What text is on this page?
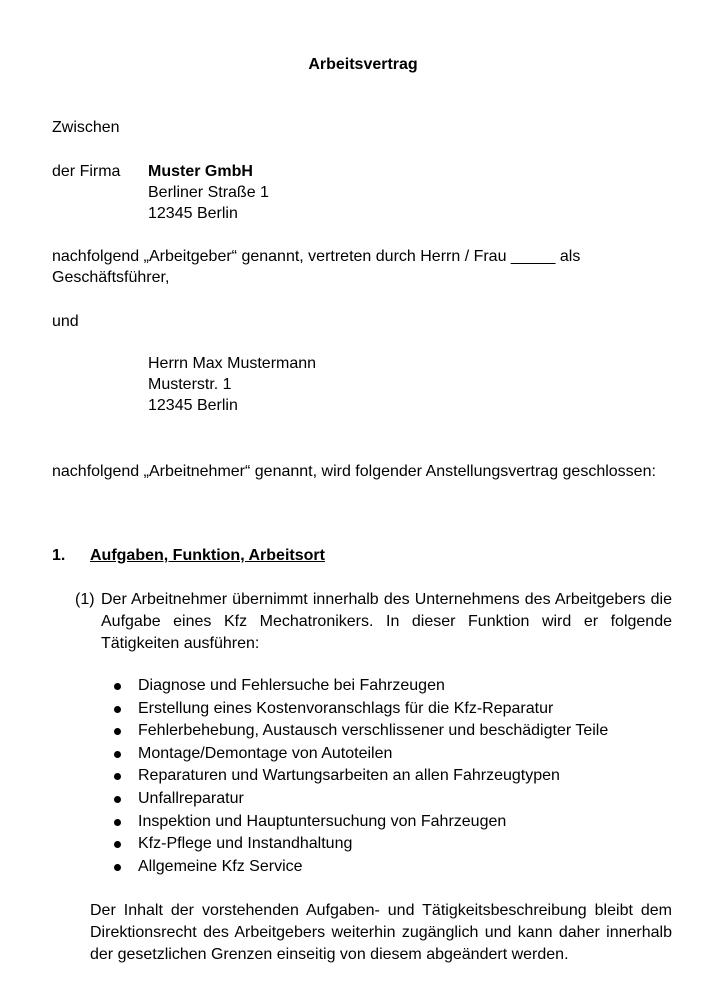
Arbeitsvertrag
Zwischen
der Firma Muster GmbH
Berliner Straße 1
12345 Berlin
nachfolgend „Arbeitgeber“ genannt, vertreten durch Herrn / Frau _____ als
Geschäftsführer,
und
Herrn Max Mustermann
Musterstr. 1
12345 Berlin
nachfolgend „Arbeitnehmer“ genannt, wird folgender Anstellungsvertrag geschlossen:
1. Aufgaben, Funktion, Arbeitsort
(1) Der Arbeitnehmer übernimmt innerhalb des Unternehmens des Arbeitgebers die Aufgabe eines Kfz Mechatronikers. In dieser Funktion wird er folgende Tätigkeiten ausführen:
Diagnose und Fehlersuche bei Fahrzeugen
Erstellung eines Kostenvoranschlags für die Kfz-Reparatur
Fehlerbehebung, Austausch verschlissener und beschädigter Teile
Montage/Demontage von Autoteilen
Reparaturen und Wartungsarbeiten an allen Fahrzeugtypen
Unfallreparatur
Inspektion und Hauptuntersuchung von Fahrzeugen
Kfz-Pflege und Instandhaltung
Allgemeine Kfz Service
Der Inhalt der vorstehenden Aufgaben- und Tätigkeitsbeschreibung bleibt dem Direktionsrecht des Arbeitgebers weiterhin zugänglich und kann daher innerhalb der gesetzlichen Grenzen einseitig von diesem abgeändert werden.
